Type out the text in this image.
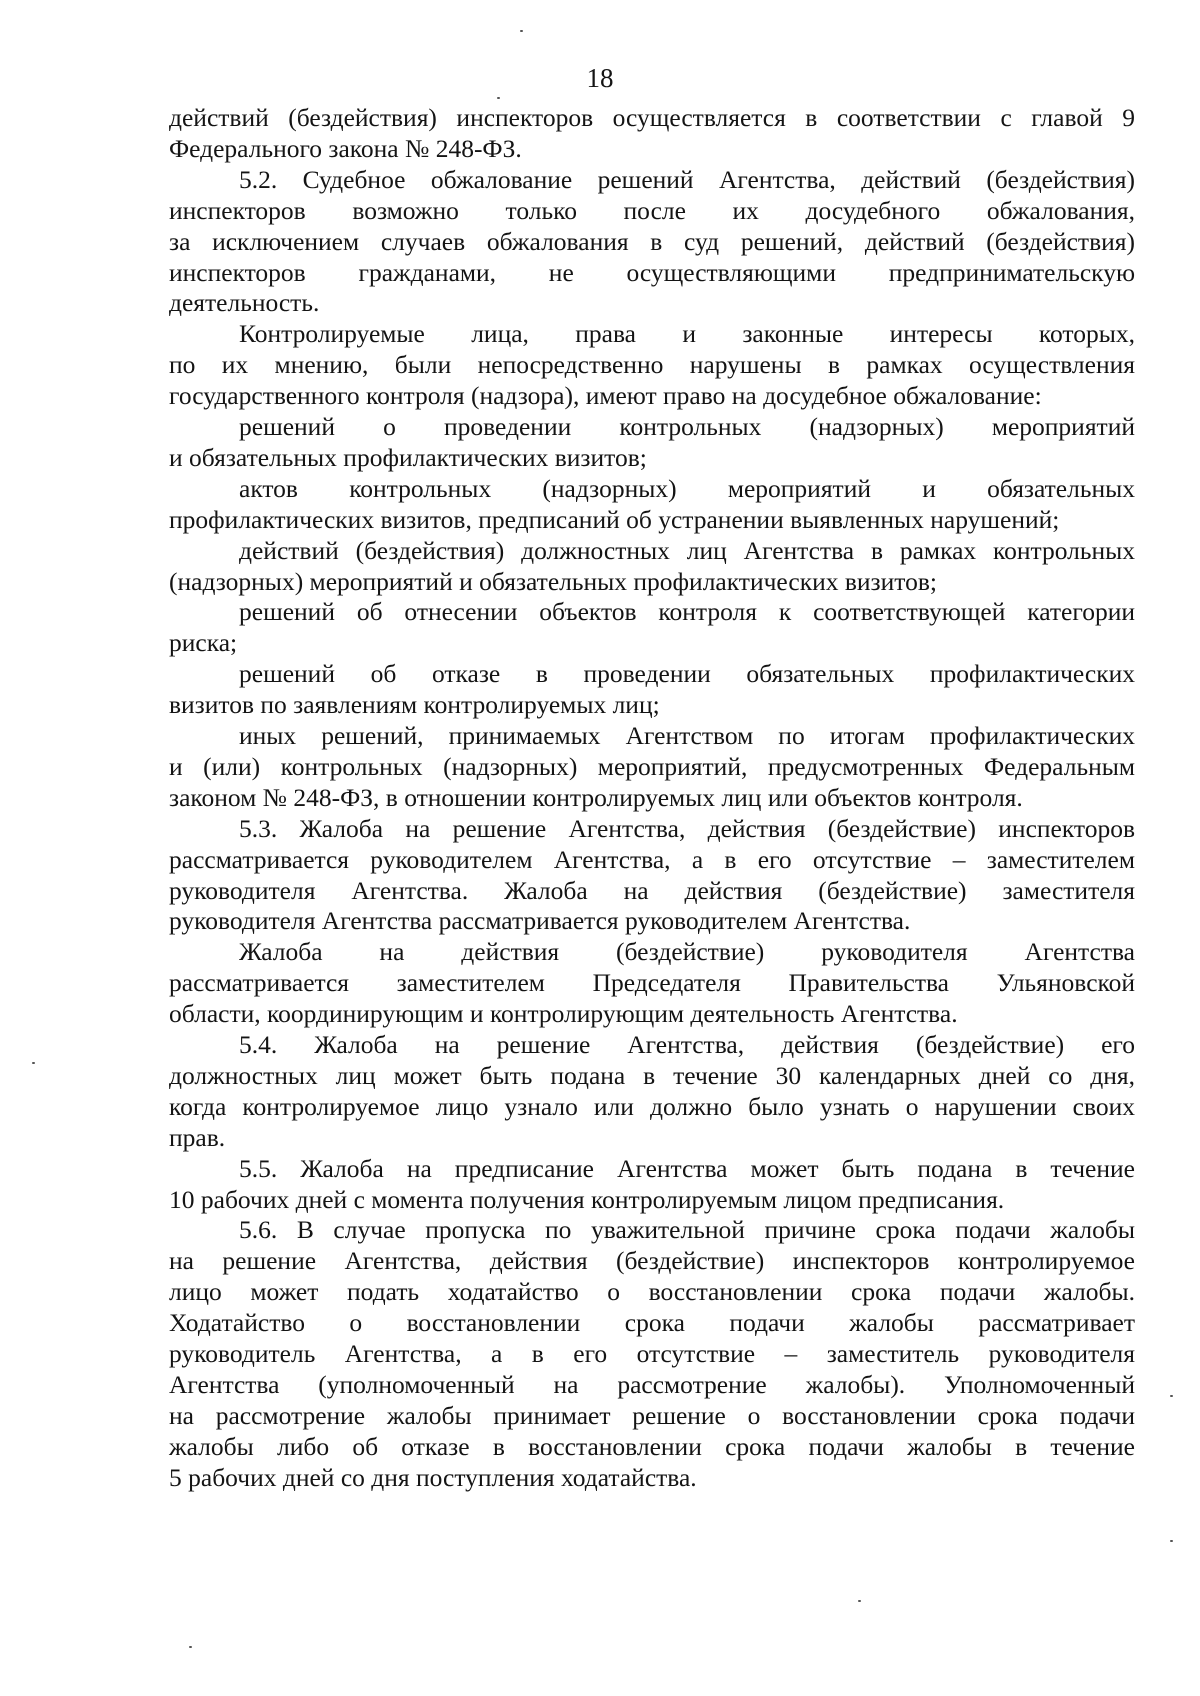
18
действий (бездействия) инспекторов осуществляется в соответствии с главой 9
Федерального закона № 248-ФЗ.
5.2. Судебное обжалование решений Агентства, действий (бездействия)
инспекторов возможно только после их досудебного обжалования,
за исключением случаев обжалования в суд решений, действий (бездействия)
инспекторов гражданами, не осуществляющими предпринимательскую
деятельность.
Контролируемые лица, права и законные интересы которых,
по их мнению, были непосредственно нарушены в рамках осуществления
государственного контроля (надзора), имеют право на досудебное обжалование:
решений о проведении контрольных (надзорных) мероприятий
и обязательных профилактических визитов;
актов контрольных (надзорных) мероприятий и обязательных
профилактических визитов, предписаний об устранении выявленных нарушений;
действий (бездействия) должностных лиц Агентства в рамках контрольных
(надзорных) мероприятий и обязательных профилактических визитов;
решений об отнесении объектов контроля к соответствующей категории
риска;
решений об отказе в проведении обязательных профилактических
визитов по заявлениям контролируемых лиц;
иных решений, принимаемых Агентством по итогам профилактических
и (или) контрольных (надзорных) мероприятий, предусмотренных Федеральным
законом № 248-ФЗ, в отношении контролируемых лиц или объектов контроля.
5.3. Жалоба на решение Агентства, действия (бездействие) инспекторов
рассматривается руководителем Агентства, а в его отсутствие – заместителем
руководителя Агентства. Жалоба на действия (бездействие) заместителя
руководителя Агентства рассматривается руководителем Агентства.
Жалоба на действия (бездействие) руководителя Агентства
рассматривается заместителем Председателя Правительства Ульяновской
области, координирующим и контролирующим деятельность Агентства.
5.4. Жалоба на решение Агентства, действия (бездействие) его
должностных лиц может быть подана в течение 30 календарных дней со дня,
когда контролируемое лицо узнало или должно было узнать о нарушении своих
прав.
5.5. Жалоба на предписание Агентства может быть подана в течение
10 рабочих дней с момента получения контролируемым лицом предписания.
5.6. В случае пропуска по уважительной причине срока подачи жалобы
на решение Агентства, действия (бездействие) инспекторов контролируемое
лицо может подать ходатайство о восстановлении срока подачи жалобы.
Ходатайство о восстановлении срока подачи жалобы рассматривает
руководитель Агентства, а в его отсутствие – заместитель руководителя
Агентства (уполномоченный на рассмотрение жалобы). Уполномоченный
на рассмотрение жалобы принимает решение о восстановлении срока подачи
жалобы либо об отказе в восстановлении срока подачи жалобы в течение
5 рабочих дней со дня поступления ходатайства.
